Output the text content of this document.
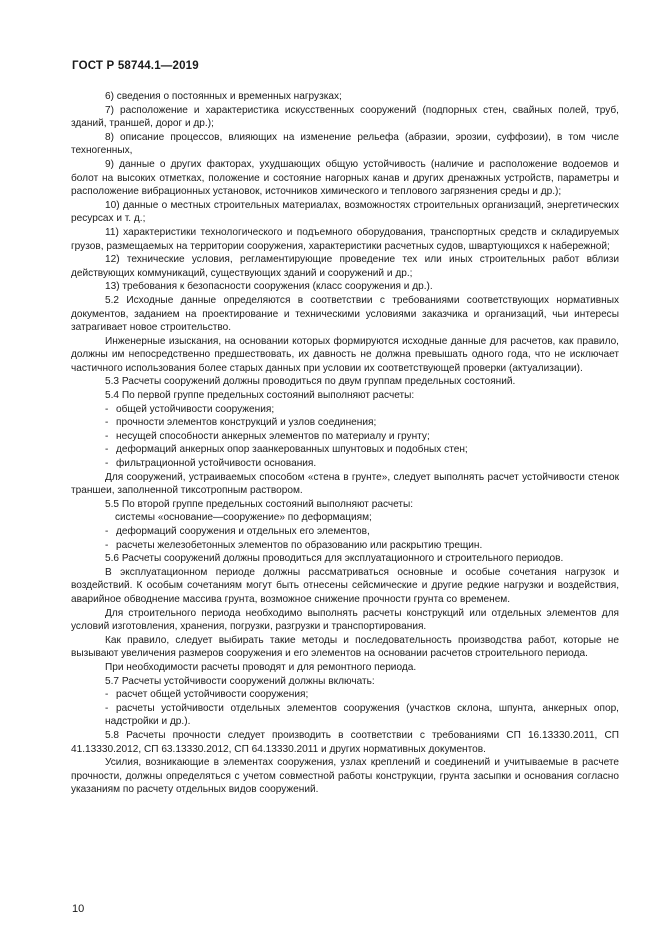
ГОСТ Р 58744.1—2019

6) сведения о постоянных и временных нагрузках;

7) расположение и характеристика искусственных сооружений (подпорных стен, свайных полей, труб, зданий, траншей, дорог и др.);

8) описание процессов, влияющих на изменение рельефа (абразии, эрозии, суффозии), в том числе техногенных,

9) данные о других факторах, ухудшающих общую устойчивость (наличие и расположение водоемов и болот на высоких отметках, положение и состояние нагорных канав и других дренажных устройств, параметры и расположение вибрационных установок, источников химического и теплового загрязнения среды и др.);

10) данные о местных строительных материалах, возможностях строительных организаций, энергетических ресурсах и т. д.;

11) характеристики технологического и подъемного оборудования, транспортных средств и складируемых грузов, размещаемых на территории сооружения, характеристики расчетных судов, швартующихся к набережной;

12) технические условия, регламентирующие проведение тех или иных строительных работ вблизи действующих коммуникаций, существующих зданий и сооружений и др.;

13) требования к безопасности сооружения (класс сооружения и др.).

5.2 Исходные данные определяются в соответствии с требованиями соответствующих нормативных документов, заданием на проектирование и техническими условиями заказчика и организаций, чьи интересы затрагивает новое строительство.

Инженерные изыскания, на основании которых формируются исходные данные для расчетов, как правило, должны им непосредственно предшествовать, их давность не должна превышать одного года, что не исключает частичного использования более старых данных при условии их соответствующей проверки (актуализации).

5.3 Расчеты сооружений должны проводиться по двум группам предельных состояний.

5.4 По первой группе предельных состояний выполняют расчеты:

- общей устойчивости сооружения;

- прочности элементов конструкций и узлов соединения;

- несущей способности анкерных элементов по материалу и грунту;

- деформаций анкерных опор заанкерованных шпунтовых и подобных стен;

- фильтрационной устойчивости основания.

Для сооружений, устраиваемых способом «стена в грунте», следует выполнять расчет устойчивости стенок траншеи, заполненной тиксотропным раствором.

5.5 По второй группе предельных состояний выполняют расчеты:

системы «основание—сооружение» по деформациям;

- деформаций сооружения и отдельных его элементов,

- расчеты железобетонных элементов по образованию или раскрытию трещин.

5.6 Расчеты сооружений должны проводиться для эксплуатационного и строительного периодов.

В эксплуатационном периоде должны рассматриваться основные и особые сочетания нагрузок и воздействий. К особым сочетаниям могут быть отнесены сейсмические и другие редкие нагрузки и воздействия, аварийное обводнение массива грунта, возможное снижение прочности грунта со временем.

Для строительного периода необходимо выполнять расчеты конструкций или отдельных элементов для условий изготовления, хранения, погрузки, разгрузки и транспортирования.

Как правило, следует выбирать такие методы и последовательность производства работ, которые не вызывают увеличения размеров сооружения и его элементов на основании расчетов строительного периода.

При необходимости расчеты проводят и для ремонтного периода.

5.7 Расчеты устойчивости сооружений должны включать:

- расчет общей устойчивости сооружения;

- расчеты устойчивости отдельных элементов сооружения (участков склона, шпунта, анкерных опор, надстройки и др.).

5.8 Расчеты прочности следует производить в соответствии с требованиями СП 16.13330.2011, СП 41.13330.2012, СП 63.13330.2012, СП 64.13330.2011 и других нормативных документов.

Усилия, возникающие в элементах сооружения, узлах креплений и соединений и учитываемые в расчете прочности, должны определяться с учетом совместной работы конструкции, грунта засыпки и основания согласно указаниям по расчету отдельных видов сооружений.

10
